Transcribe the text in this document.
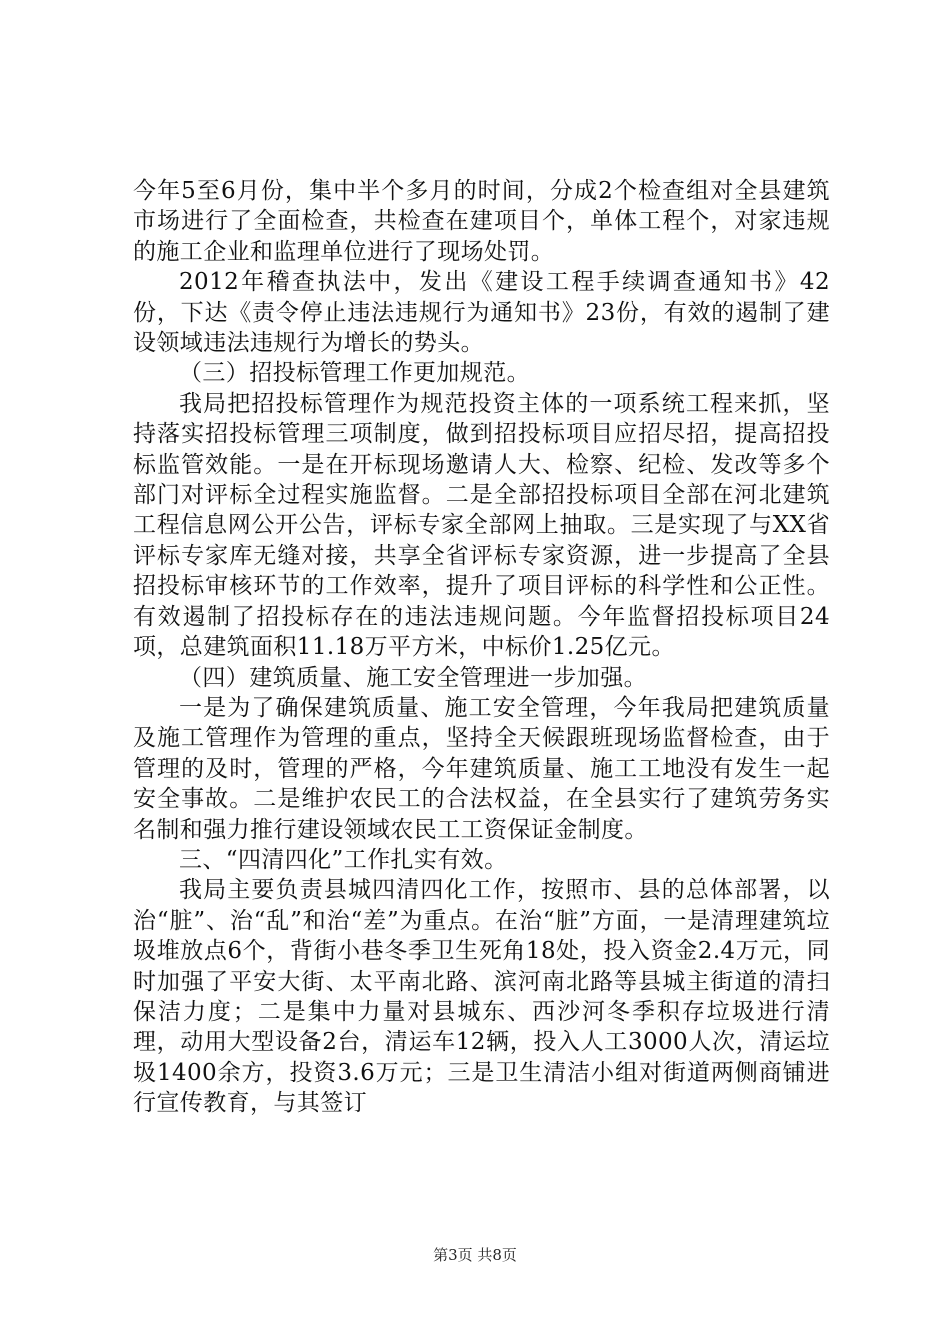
今年5至6月份，集中半个多月的时间，分成2个检查组对全县建筑市场进行了全面检查，共检查在建项目个，单体工程个，对家违规的施工企业和监理单位进行了现场处罚。

2012年稽查执法中，发出《建设工程手续调查通知书》42份，下达《责令停止违法违规行为通知书》23份，有效的遏制了建设领域违法违规行为增长的势头。

（三）招投标管理工作更加规范。

我局把招投标管理作为规范投资主体的一项系统工程来抓，坚持落实招投标管理三项制度，做到招投标项目应招尽招，提高招投标监管效能。一是在开标现场邀请人大、检察、纪检、发改等多个部门对评标全过程实施监督。二是全部招投标项目全部在河北建筑工程信息网公开公告，评标专家全部网上抽取。三是实现了与XX省评标专家库无缝对接，共享全省评标专家资源，进一步提高了全县招投标审核环节的工作效率，提升了项目评标的科学性和公正性。有效遏制了招投标存在的违法违规问题。今年监督招投标项目24项，总建筑面积11.18万平方米，中标价1.25亿元。

（四）建筑质量、施工安全管理进一步加强。

一是为了确保建筑质量、施工安全管理，今年我局把建筑质量及施工管理作为管理的重点，坚持全天候跟班现场监督检查，由于管理的及时，管理的严格，今年建筑质量、施工工地没有发生一起安全事故。二是维护农民工的合法权益，在全县实行了建筑劳务实名制和强力推行建设领域农民工工资保证金制度。

三、“四清四化”工作扎实有效。

我局主要负责县城四清四化工作，按照市、县的总体部署，以治“脏”、治“乱”和治“差”为重点。在治“脏”方面，一是清理建筑垃圾堆放点6个，背街小巷冬季卫生死角18处，投入资金2.4万元，同时加强了平安大街、太平南北路、滨河南北路等县城主街道的清扫保洁力度；二是集中力量对县城东、西沙河冬季积存垃圾进行清理，动用大型设备2台，清运车12辆，投入人工3000人次，清运垃圾1400余方，投资3.6万元；三是卫生清洁小组对街道两侧商铺进行宣传教育，与其签订

第3页 共8页
